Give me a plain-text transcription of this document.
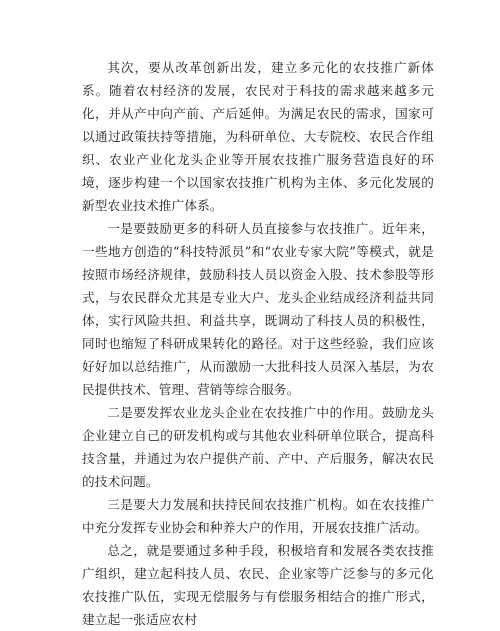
其次，要从改革创新出发，建立多元化的农技推广新体系。随着农村经济的发展，农民对于科技的需求越来越多元化，并从产中向产前、产后延伸。为满足农民的需求，国家可以通过政策扶持等措施，为科研单位、大专院校、农民合作组织、农业产业化龙头企业等开展农技推广服务营造良好的环境，逐步构建一个以国家农技推广机构为主体、多元化发展的新型农业技术推广体系。

一是要鼓励更多的科研人员直接参与农技推广。近年来，一些地方创造的“科技特派员”和“农业专家大院”等模式，就是按照市场经济规律，鼓励科技人员以资金入股、技术参股等形式，与农民群众尤其是专业大户、龙头企业结成经济利益共同体，实行风险共担、利益共享，既调动了科技人员的积极性，同时也缩短了科研成果转化的路径。对于这些经验，我们应该好好加以总结推广，从而激励一大批科技人员深入基层，为农民提供技术、管理、营销等综合服务。

二是要发挥农业龙头企业在农技推广中的作用。鼓励龙头企业建立自己的研发机构或与其他农业科研单位联合，提高科技含量，并通过为农户提供产前、产中、产后服务，解决农民的技术问题。

三是要大力发展和扶持民间农技推广机构。如在农技推广中充分发挥专业协会和种养大户的作用，开展农技推广活动。

总之，就是要通过多种手段，积极培育和发展各类农技推广组织，建立起科技人员、农民、企业家等广泛参与的多元化农技推广队伍，实现无偿服务与有偿服务相结合的推广形式，建立起一张适应农村
